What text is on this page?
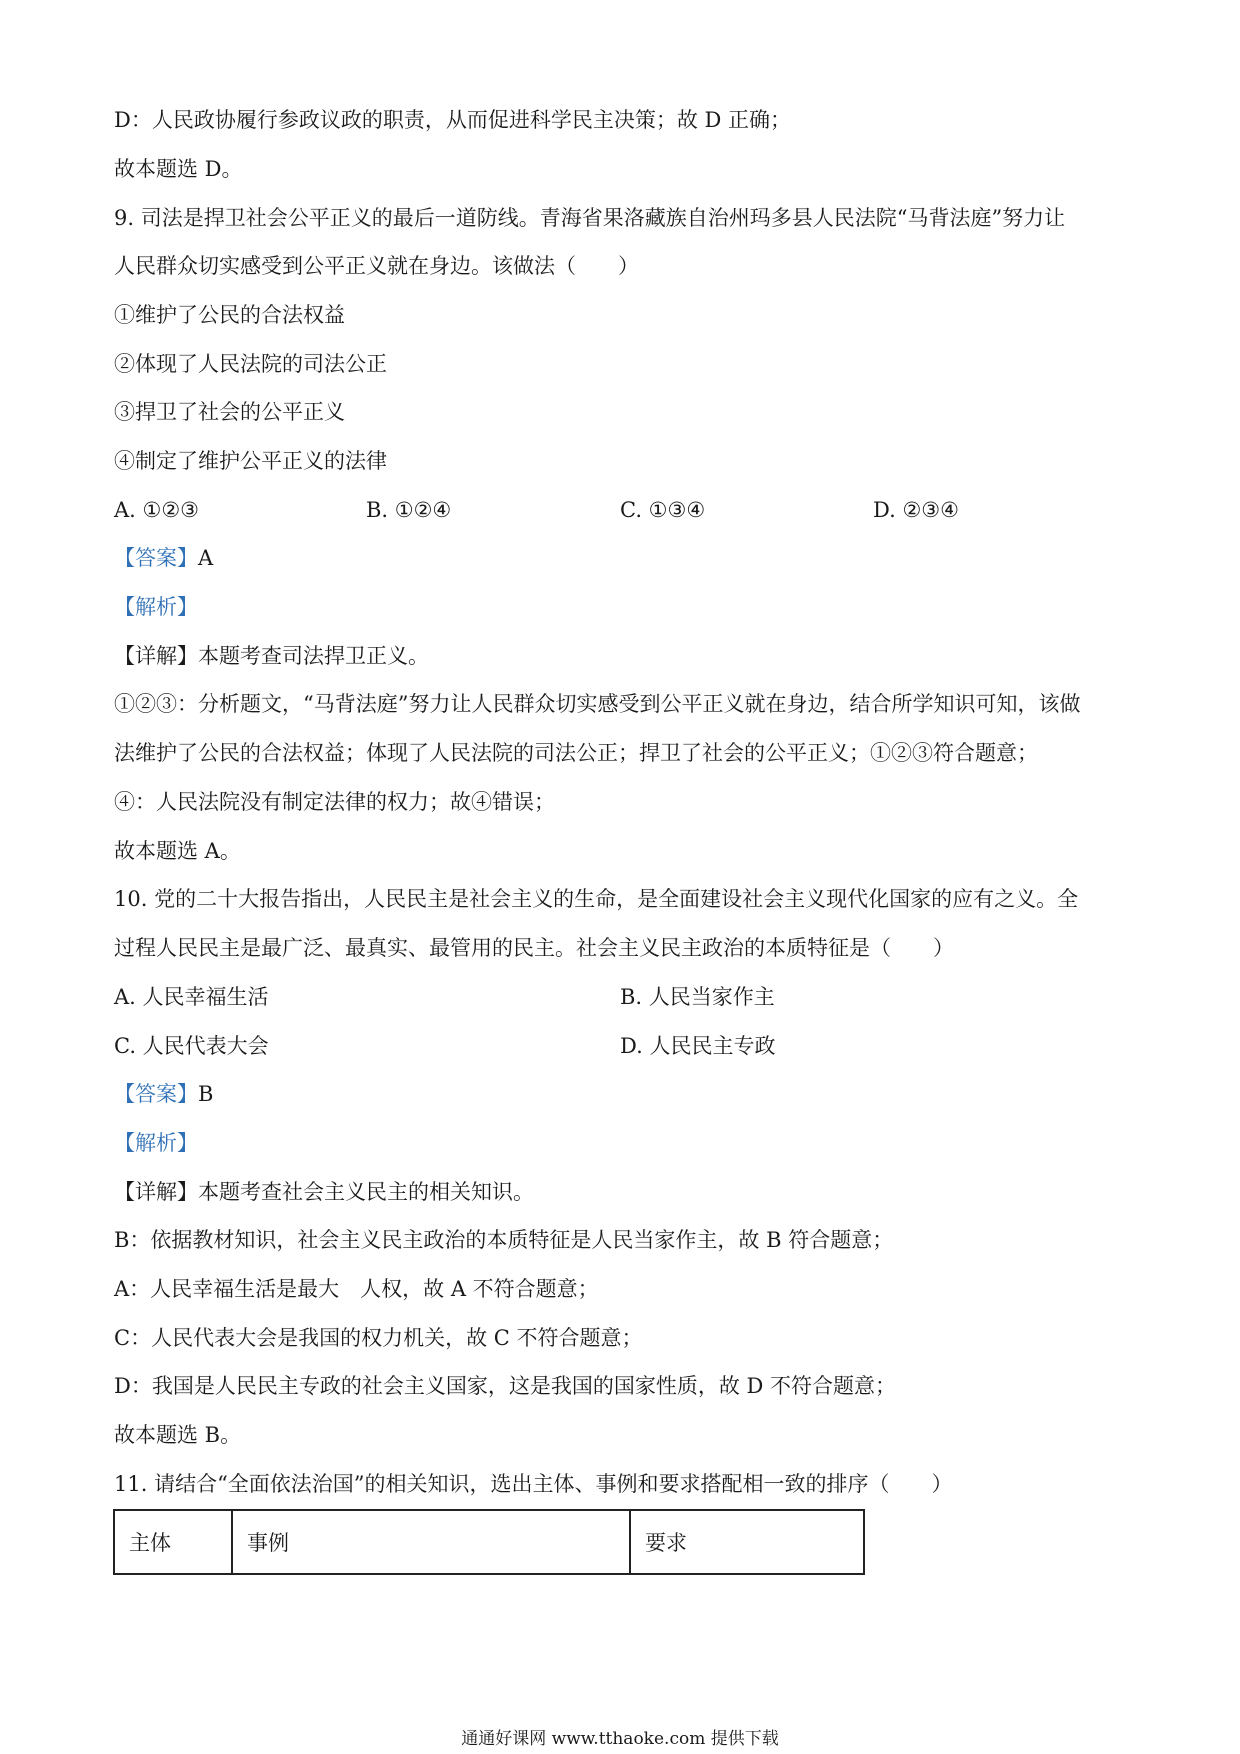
D：人民政协履行参政议政的职责，从而促进科学民主决策；故 D 正确；
故本题选 D。
9. 司法是捍卫社会公平正义的最后一道防线。青海省果洛藏族自治州玛多县人民法院“马背法庭”努力让
人民群众切实感受到公平正义就在身边。该做法（　　）
①维护了公民的合法权益
②体现了人民法院的司法公正
③捍卫了社会的公平正义
④制定了维护公平正义的法律
A. ①②③	B. ①②④	C. ①③④	D. ②③④
【答案】A
【解析】
【详解】本题考查司法捍卫正义。
①②③：分析题文，“马背法庭”努力让人民群众切实感受到公平正义就在身边，结合所学知识可知，该做
法维护了公民的合法权益；体现了人民法院的司法公正；捍卫了社会的公平正义；①②③符合题意；
④：人民法院没有制定法律的权力；故④错误；
故本题选 A。
10. 党的二十大报告指出，人民民主是社会主义的生命，是全面建设社会主义现代化国家的应有之义。全
过程人民民主是最广泛、最真实、最管用的民主。社会主义民主政治的本质特征是（　　）
A. 人民幸福生活	B. 人民当家作主
C. 人民代表大会	D. 人民民主专政
【答案】B
【解析】
【详解】本题考查社会主义民主的相关知识。
B：依据教材知识，社会主义民主政治的本质特征是人民当家作主，故 B 符合题意；
A：人民幸福生活是最大　人权，故 A 不符合题意；
C：人民代表大会是我国的权力机关，故 C 不符合题意；
D：我国是人民民主专政的社会主义国家，这是我国的国家性质，故 D 不符合题意；
故本题选 B。
11. 请结合“全面依法治国”的相关知识，选出主体、事例和要求搭配相一致的排序（　　）
主体	事例	要求
通通好课网 www.tthaoke.com 提供下载
